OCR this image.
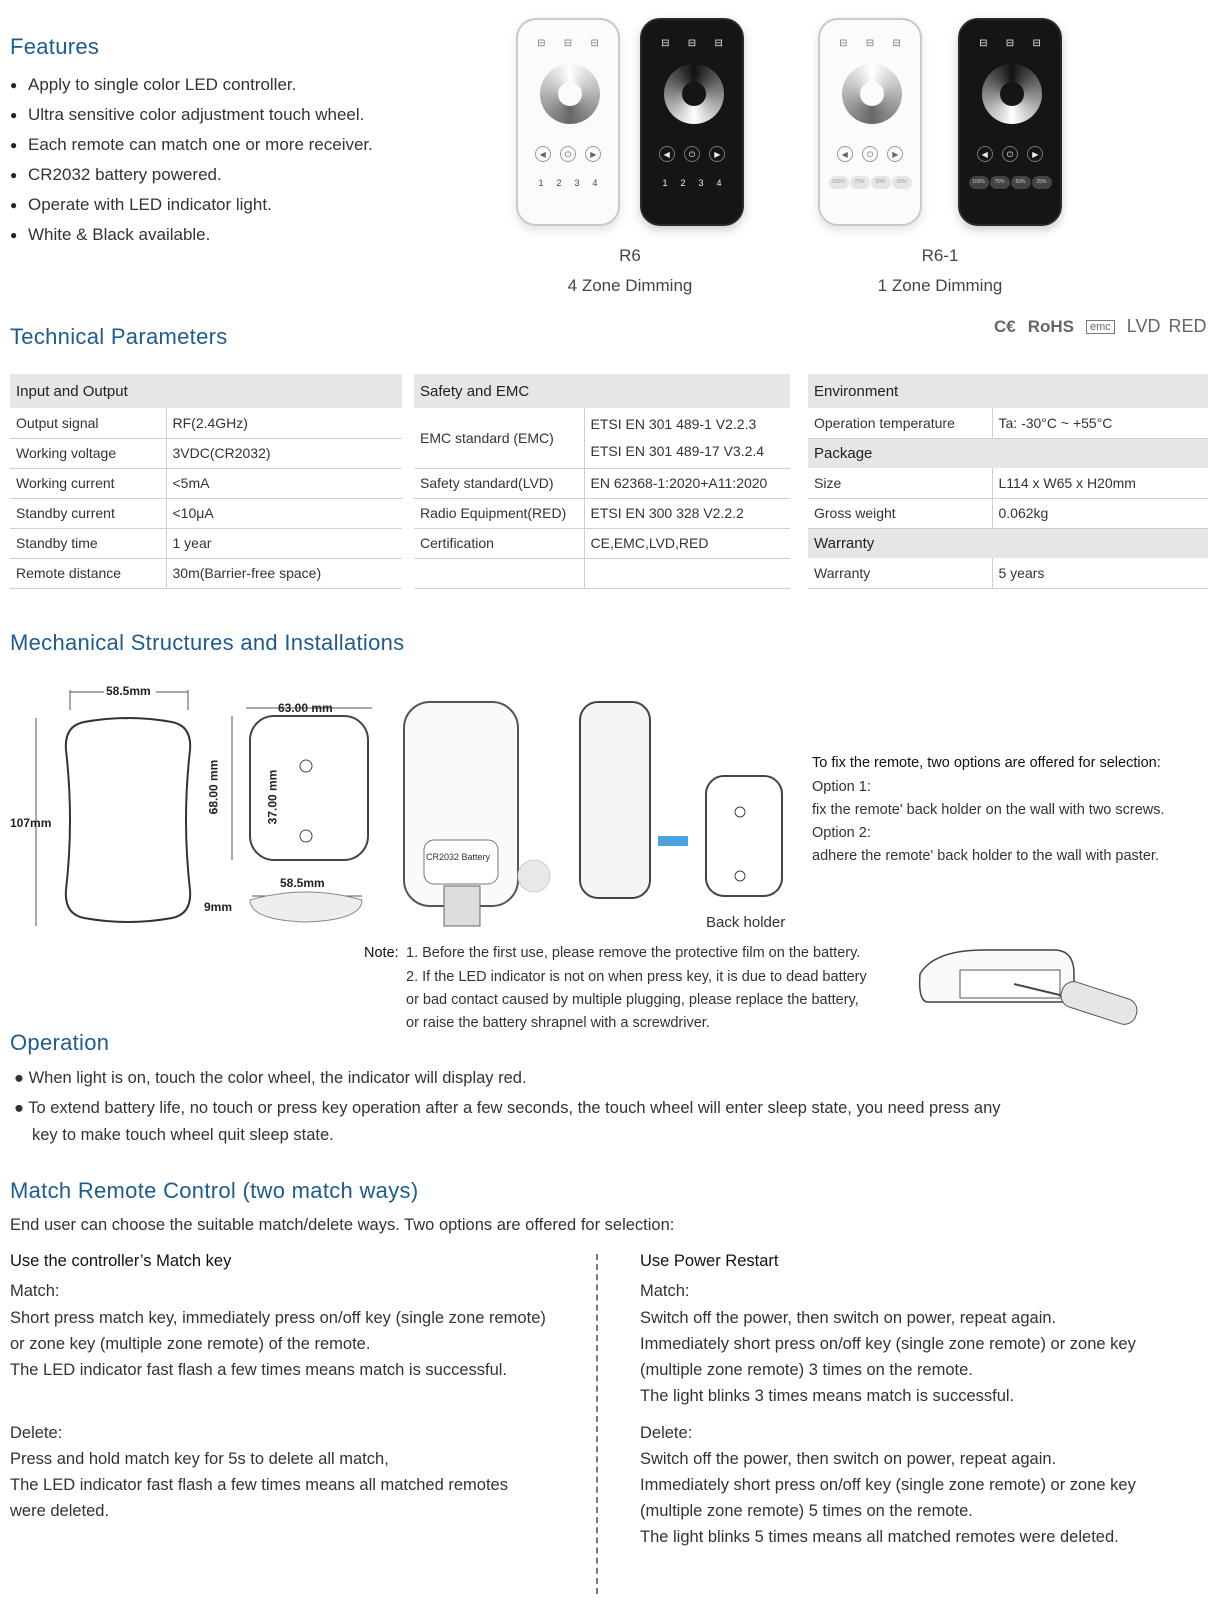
Features
● Apply to single color LED controller.
● Ultra sensitive color adjustment touch wheel.
● Each remote can match one or more receiver.
● CR2032 battery powered.
● Operate with LED indicator light.
● White & Black available.
⊟ ⊟ ⊟
◀	⏻	▶
1 2 3 4
⊟ ⊟ ⊟
◀	⏻	▶
1 2 3 4
R6
4 Zone Dimming
⊟ ⊟ ⊟
◀	⏻	▶
100%	75%	50%	25%
⊟ ⊟ ⊟
◀	⏻	▶
100%	75%	50%	25%
R6-1
1 Zone Dimming
C€ RoHS	emc LVD RED
Technical Parameters
Input and Output	
Output signal	RF(2.4GHz)
Working voltage	3VDC(CR2032)
Working current	<5mA
Standby current	<10μA
Standby time	1 year
Remote distance	30m(Barrier-free space)
Safety and EMC	
EMC standard (EMC)	ETSI EN 301 489-1 V2.2.3
ETSI EN 301 489-17 V3.2.4

Safety standard(LVD)	EN 62368-1:2020+A11:2020
Radio Equipment(RED)	ETSI EN 300 328 V2.2.2
Certification	CE,EMC,LVD,RED

Environment	
Operation temperature	Ta: -30°C ~ +55°C
Package	
Size	L114 x W65 x H20mm
Gross weight	0.062kg
Warranty	
Warranty	5 years
Mechanical Structures and Installations
58.5mm
107mm
63.00 mm
68.00 mm	37.00 mm
58.5mm
9mm
CR2032 Battery
Back holder
To fix the remote, two options are offered for selection:
Option 1:
fix the remote' back holder on the wall with two screws.
Option 2:
adhere the remote' back holder to the wall with paster.
Note: 1. Before the first use, please remove the protective film on the battery.
2. If the LED indicator is not on when press key, it is due to dead battery
or bad contact caused by multiple plugging, please replace the battery,
or raise the battery shrapnel with a screwdriver.
Operation
● When light is on, touch the color wheel, the indicator will display red.
● To extend battery life, no touch or press key operation after a few seconds, the touch wheel will enter sleep state, you need press any
key to make touch wheel quit sleep state.
Match Remote Control (two match ways)
End user can choose the suitable match/delete ways. Two options are offered for selection:
Use the controller’s Match key
Match:
Short press match key, immediately press on/off key (single zone remote)
or zone key (multiple zone remote) of the remote.
The LED indicator fast flash a few times means match is successful.
Delete:
Press and hold match key for 5s to delete all match,
The LED indicator fast flash a few times means all matched remotes
were deleted.
Use Power Restart
Match:
Switch off the power, then switch on power, repeat again.
Immediately short press on/off key (single zone remote) or zone key
(multiple zone remote) 3 times on the remote.
The light blinks 3 times means match is successful.
Delete:
Switch off the power, then switch on power, repeat again.
Immediately short press on/off key (single zone remote) or zone key
(multiple zone remote) 5 times on the remote.
The light blinks 5 times means all matched remotes were deleted.
